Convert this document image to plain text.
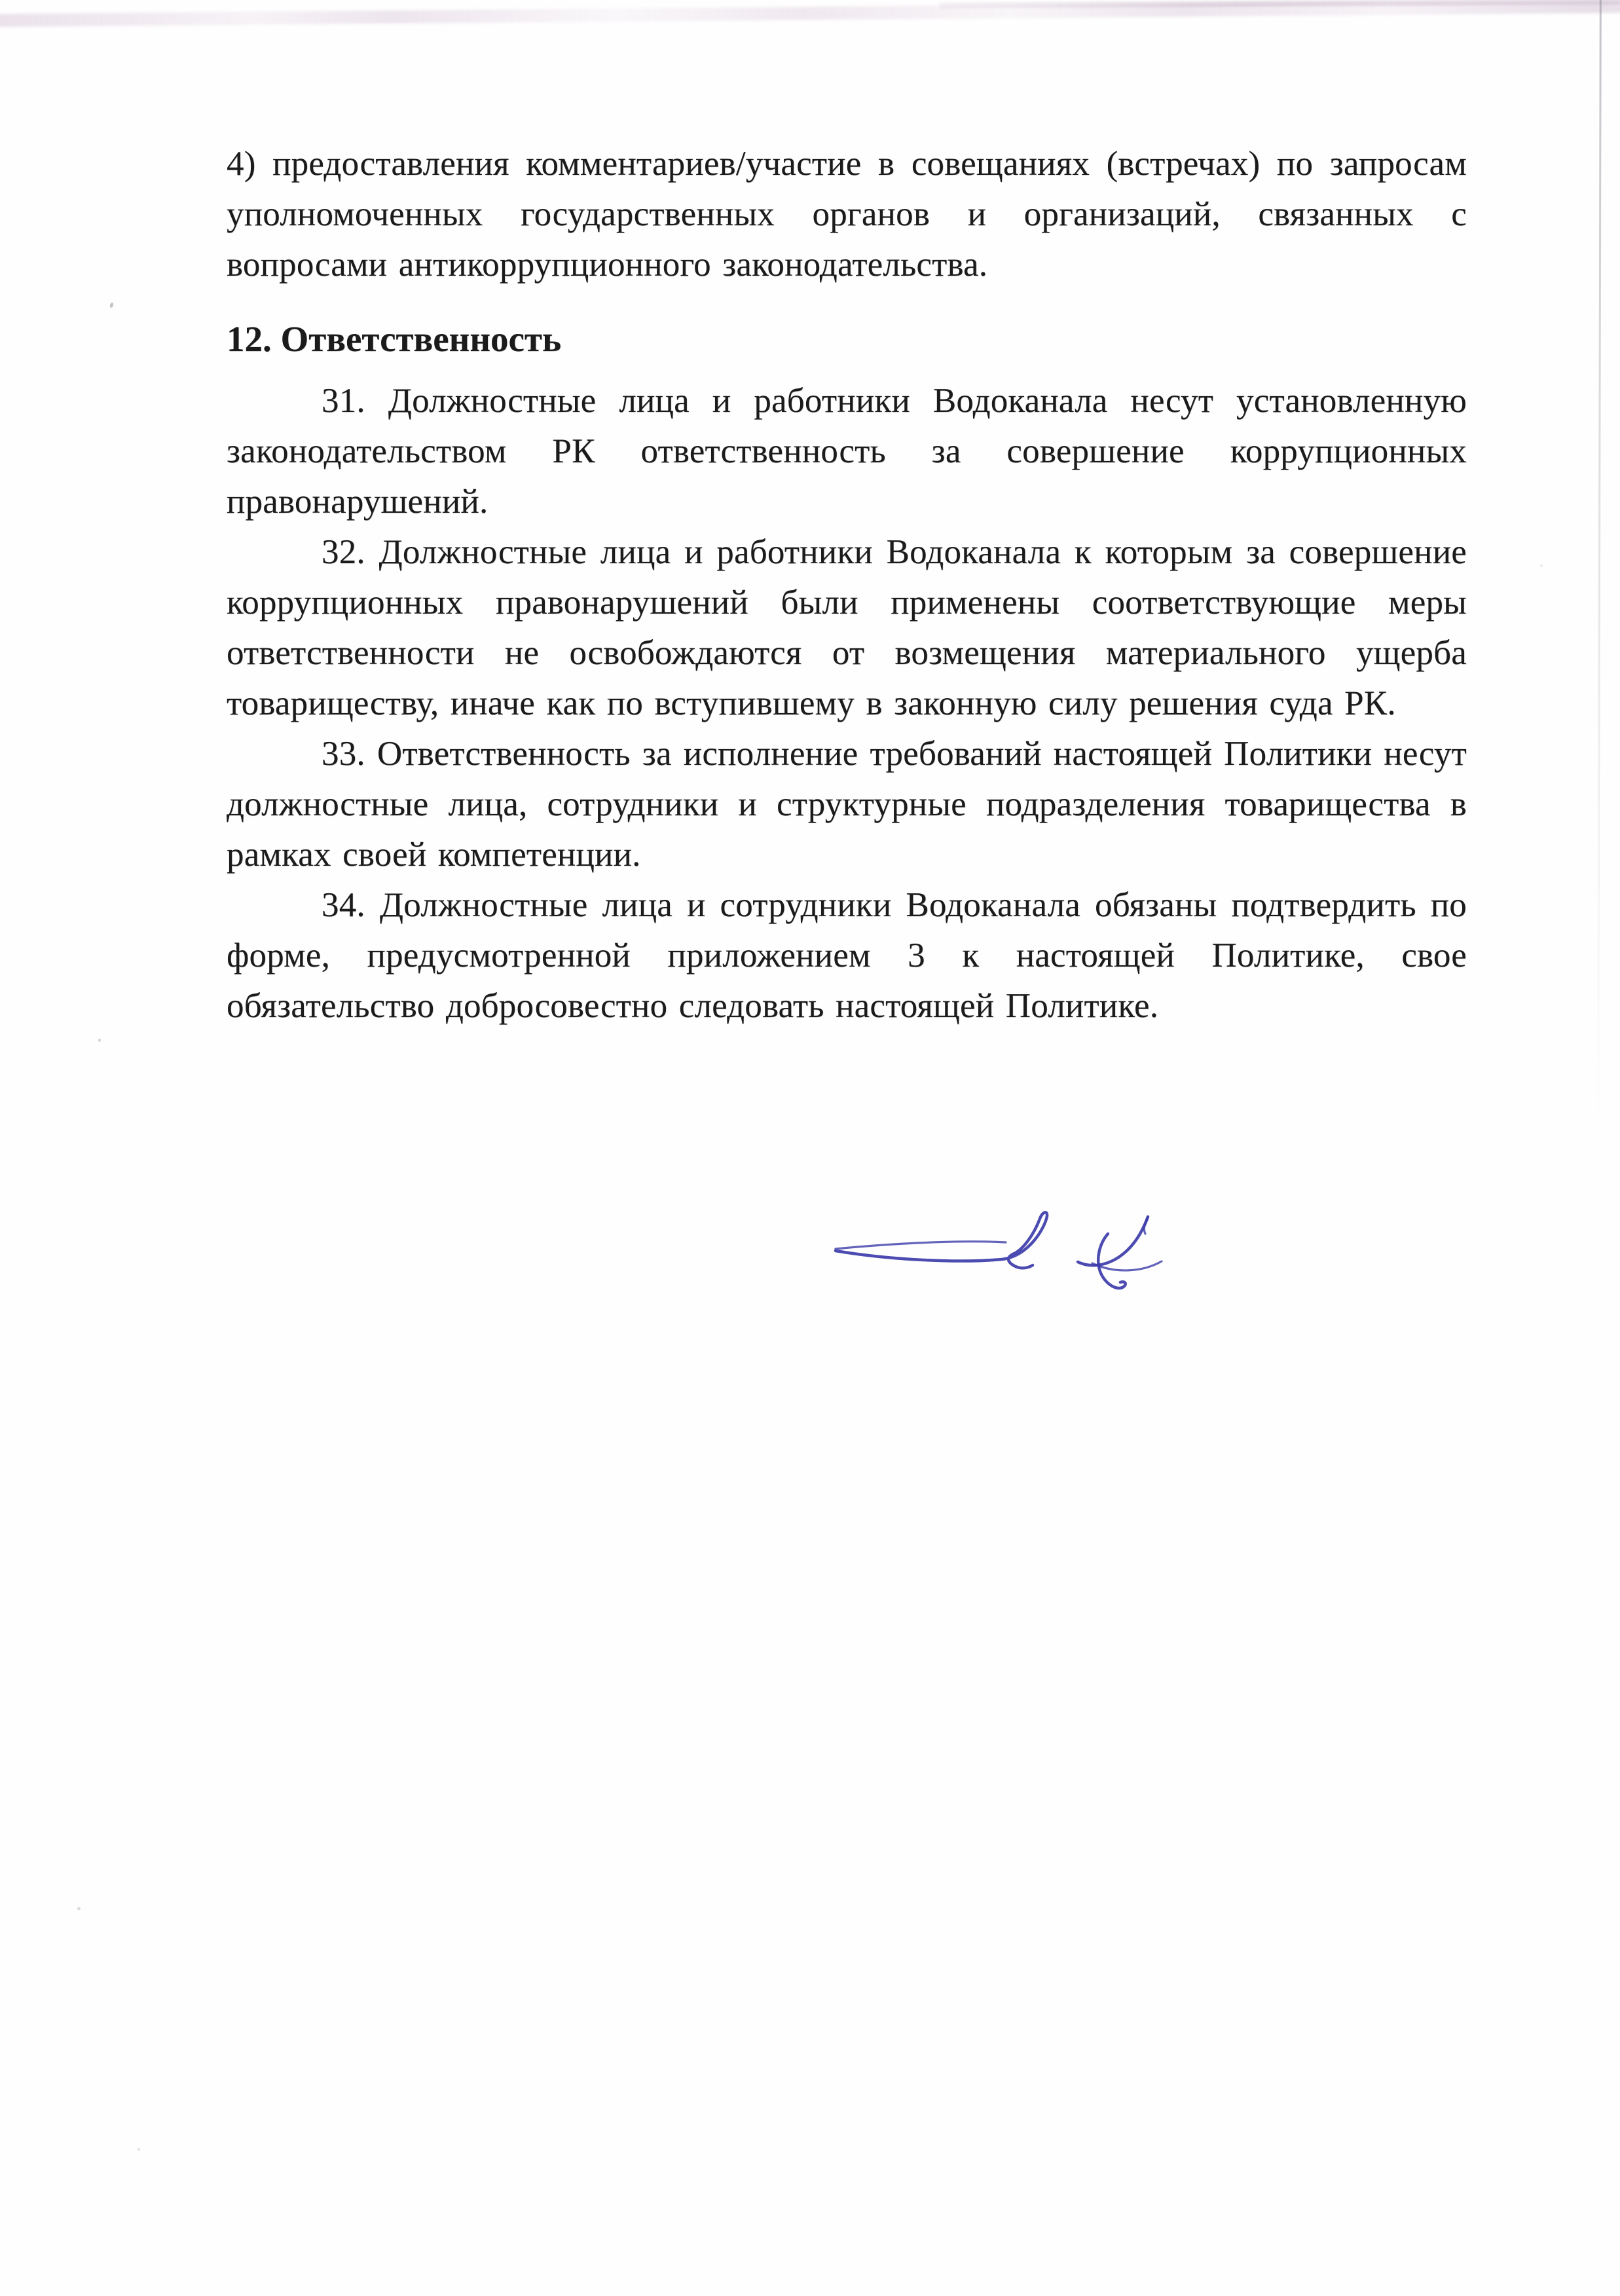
4) предоставления комментариев/участие в совещаниях (встречах) по запросам уполномоченных государственных органов и организаций, связанных с вопросами антикоррупционного законодательства.

12. Ответственность

31. Должностные лица и работники Водоканала несут установленную законодательством РК ответственность за совершение коррупционных правонарушений.

32. Должностные лица и работники Водоканала к которым за совершение коррупционных правонарушений были применены соответствующие меры ответственности не освобождаются от возмещения материального ущерба товариществу, иначе как по вступившему в законную силу решения суда РК.

33. Ответственность за исполнение требований настоящей Политики несут должностные лица, сотрудники и структурные подразделения товарищества в рамках своей компетенции.

34. Должностные лица и сотрудники Водоканала обязаны подтвердить по форме, предусмотренной приложением 3 к настоящей Политике, свое обязательство добросовестно следовать настоящей Политике.
